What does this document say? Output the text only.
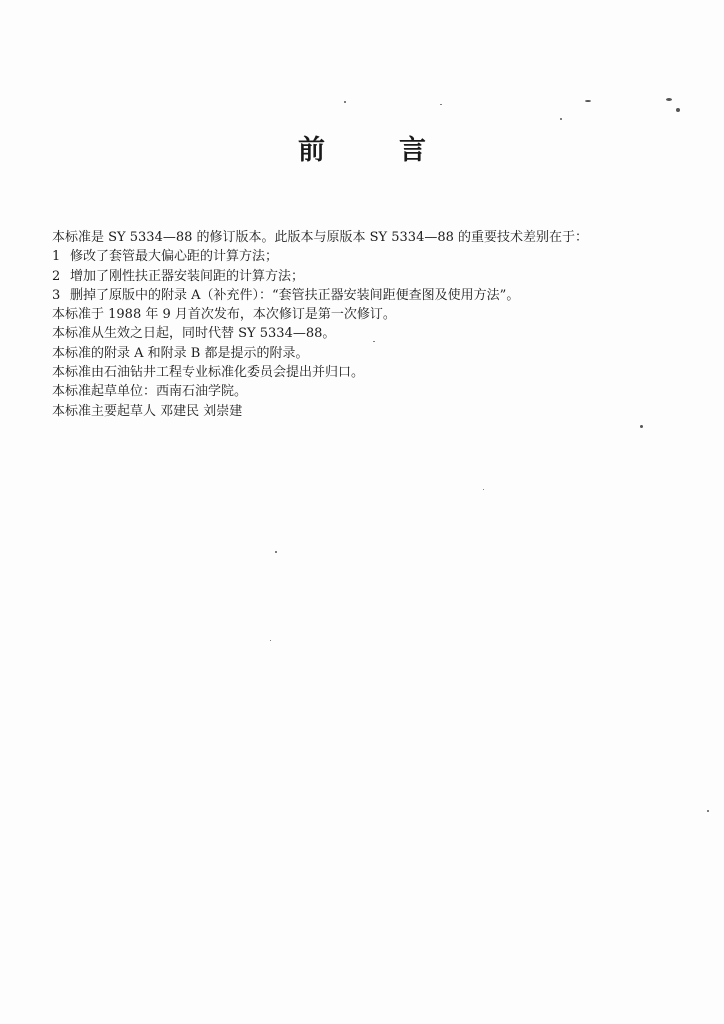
前	言
本标准是 SY 5334—88 的修订版本。此版本与原版本 SY 5334—88 的重要技术差别在于：
1 修改了套管最大偏心距的计算方法；
2 增加了刚性扶正器安装间距的计算方法；
3 删掉了原版中的附录 A（补充件）：“套管扶正器安装间距便查图及使用方法”。
本标准于 1988 年 9 月首次发布，本次修订是第一次修订。
本标准从生效之日起，同时代替 SY 5334—88。
本标准的附录 A 和附录 B 都是提示的附录。
本标准由石油钻井工程专业标准化委员会提出并归口。
本标准起草单位：西南石油学院。
本标准主要起草人 邓建民 刘崇建
